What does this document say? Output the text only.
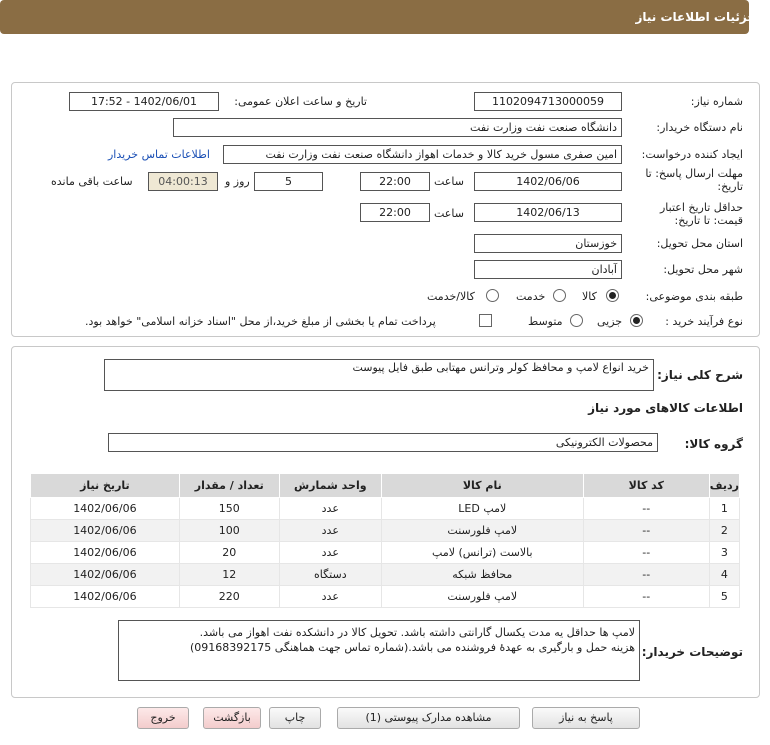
جزئیات اطلاعات نیاز
شماره نیاز:
1102094713000059
تاریخ و ساعت اعلان عمومی:
1402/06/01 - 17:52
نام دستگاه خریدار:
دانشگاه صنعت نفت وزارت نفت
ایجاد کننده درخواست:
امین صفری مسول خرید کالا و خدمات اهواز دانشگاه صنعت نفت وزارت نفت
اطلاعات تماس خریدار
مهلت ارسال پاسخ: تا
تاریخ:
1402/06/06
ساعت
22:00
5
روز و
04:00:13
ساعت باقی مانده
حداقل تاریخ اعتبار
قیمت: تا تاریخ:
1402/06/13
ساعت
22:00
استان محل تحویل:
خوزستان
شهر محل تحویل:
آبادان
طبقه بندی موضوعی:
کالا
خدمت
کالا/خدمت
نوع فرآیند خرید :
جزیی
متوسط
پرداخت تمام یا بخشی از مبلغ خرید،از محل "اسناد خزانه اسلامی" خواهد بود.
شرح کلی نیاز:
خرید انواع لامپ و محافظ کولر وترانس مهتابی طبق فایل پیوست
اطلاعات کالاهای مورد نیاز
گروه کالا:
محصولات الکترونیکی
ردیف	کد کالا	نام کالا	واحد شمارش	تعداد / مقدار	تاریخ نیاز
1	--	لامپ LED	عدد	150	1402/06/06
2	--	لامپ فلورسنت	عدد	100	1402/06/06
3	--	بالاست (ترانس) لامپ	عدد	20	1402/06/06
4	--	محافظ شبکه	دستگاه	12	1402/06/06
5	--	لامپ فلورسنت	عدد	220	1402/06/06
توضیحات خریدار:
لامپ ها حداقل یه مدت یکسال گارانتی داشته باشد. تحویل کالا در دانشکده نفت اهواز می باشد.
هزینه حمل و بارگیری به عهدهٔ فروشنده می باشد.(شماره تماس جهت هماهنگی 09168392175)
پاسخ به نیاز
مشاهده مدارک پیوستی (1)
چاپ
بازگشت
خروج
